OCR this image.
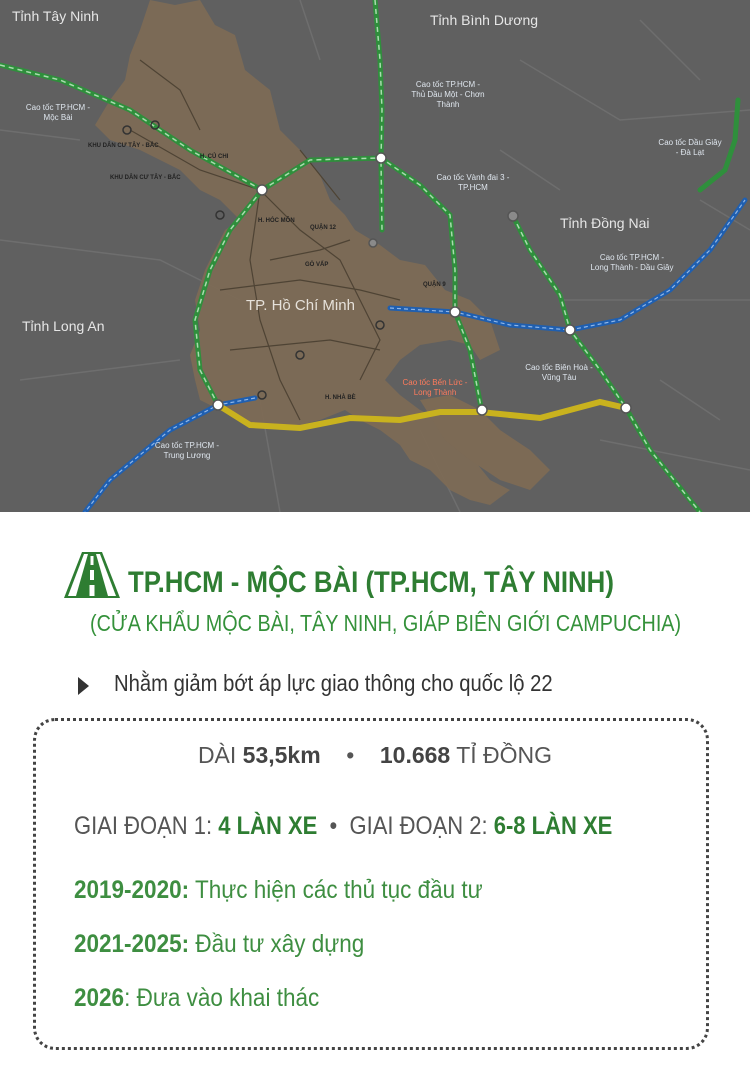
Tỉnh Tây Ninh	Tỉnh Bình Dương
Tỉnh Đồng Nai
Tỉnh Long An
TP. Hồ Chí Minh
Cao tốc TP.HCM -
Mộc Bài
Cao tốc TP.HCM -
Thủ Dầu Một - Chơn
Thành
Cao tốc Dầu Giây
- Đà Lạt
Cao tốc Vành đai 3 -
TP.HCM
Cao tốc TP.HCM -
Long Thành - Dầu Giây
Cao tốc Biên Hoà -
Vũng Tàu
Cao tốc Bến Lức -
Long Thành
Cao tốc TP.HCM -
Trung Lương
H. CỦ CHI
H. HÓC MÔN
QUẬN 12
GÒ VẤP
QUẬN 9
H. NHÀ BÈ
KHU DÂN CƯ TÂY - BẮC
KHU DÂN CƯ TÂY - BẮC
TP.HCM - MỘC BÀI (TP.HCM, TÂY NINH)
(CỬA KHẨU MỘC BÀI, TÂY NINH, GIÁP BIÊN GIỚI CAMPUCHIA)
Nhằm giảm bớt áp lực giao thông cho quốc lộ 22
DÀI 53,5km • 10.668 TỈ ĐỒNG
GIAI ĐOẠN 1: 4 LÀN XE • GIAI ĐOẠN 2: 6-8 LÀN XE
2019-2020: Thực hiện các thủ tục đầu tư
2021-2025: Đầu tư xây dựng
2026: Đưa vào khai thác
